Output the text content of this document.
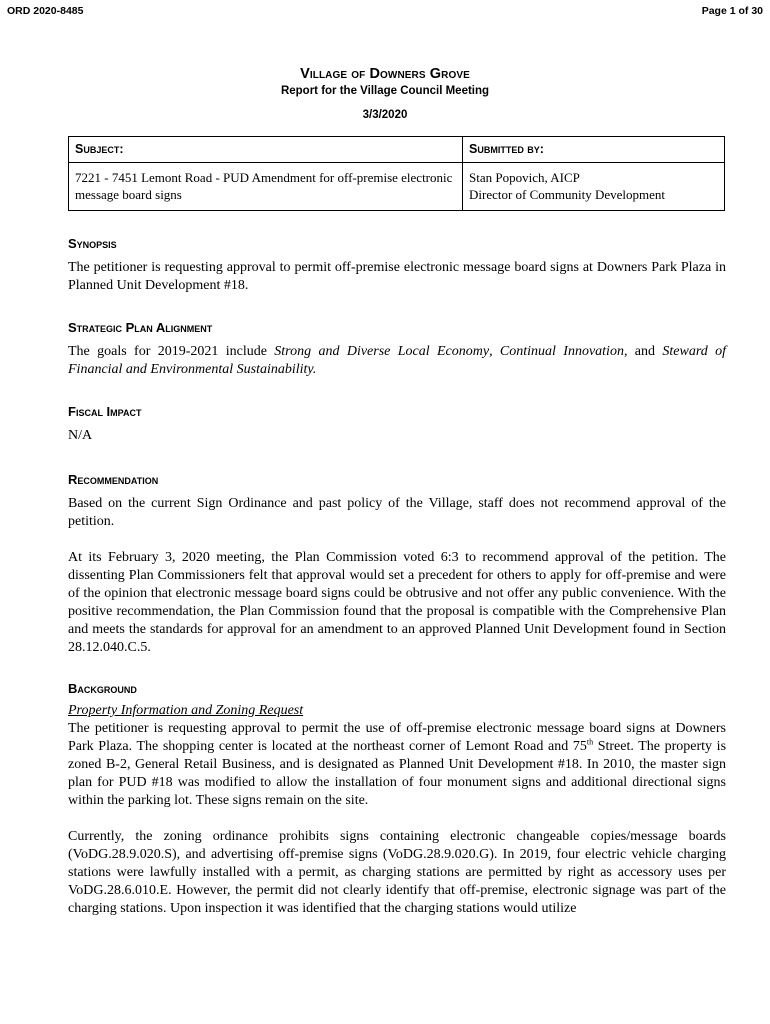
ORD 2020-8485	Page 1 of 30
Village of Downers Grove
Report for the Village Council Meeting
3/3/2020
Subject:	Submitted by:
7221 - 7451 Lemont Road - PUD Amendment for off-premise electronic message board signs	Stan Popovich, AICP
Director of Community Development
Synopsis

The petitioner is requesting approval to permit off-premise electronic message board signs at Downers Park Plaza in Planned Unit Development #18.

Strategic Plan Alignment

The goals for 2019-2021 include Strong and Diverse Local Economy, Continual Innovation, and Steward of Financial and Environmental Sustainability.

Fiscal Impact

N/A

Recommendation

Based on the current Sign Ordinance and past policy of the Village, staff does not recommend approval of the petition.

At its February 3, 2020 meeting, the Plan Commission voted 6:3 to recommend approval of the petition. The dissenting Plan Commissioners felt that approval would set a precedent for others to apply for off-premise and were of the opinion that electronic message board signs could be obtrusive and not offer any public convenience. With the positive recommendation, the Plan Commission found that the proposal is compatible with the Comprehensive Plan and meets the standards for approval for an amendment to an approved Planned Unit Development found in Section 28.12.040.C.5.

Background
Property Information and Zoning Request

The petitioner is requesting approval to permit the use of off-premise electronic message board signs at Downers Park Plaza. The shopping center is located at the northeast corner of Lemont Road and 75th Street. The property is zoned B-2, General Retail Business, and is designated as Planned Unit Development #18. In 2010, the master sign plan for PUD #18 was modified to allow the installation of four monument signs and additional directional signs within the parking lot. These signs remain on the site.

Currently, the zoning ordinance prohibits signs containing electronic changeable copies/message boards (VoDG.28.9.020.S), and advertising off-premise signs (VoDG.28.9.020.G). In 2019, four electric vehicle charging stations were lawfully installed with a permit, as charging stations are permitted by right as accessory uses per VoDG.28.6.010.E. However, the permit did not clearly identify that off-premise, electronic signage was part of the charging stations. Upon inspection it was identified that the charging stations would utilize
